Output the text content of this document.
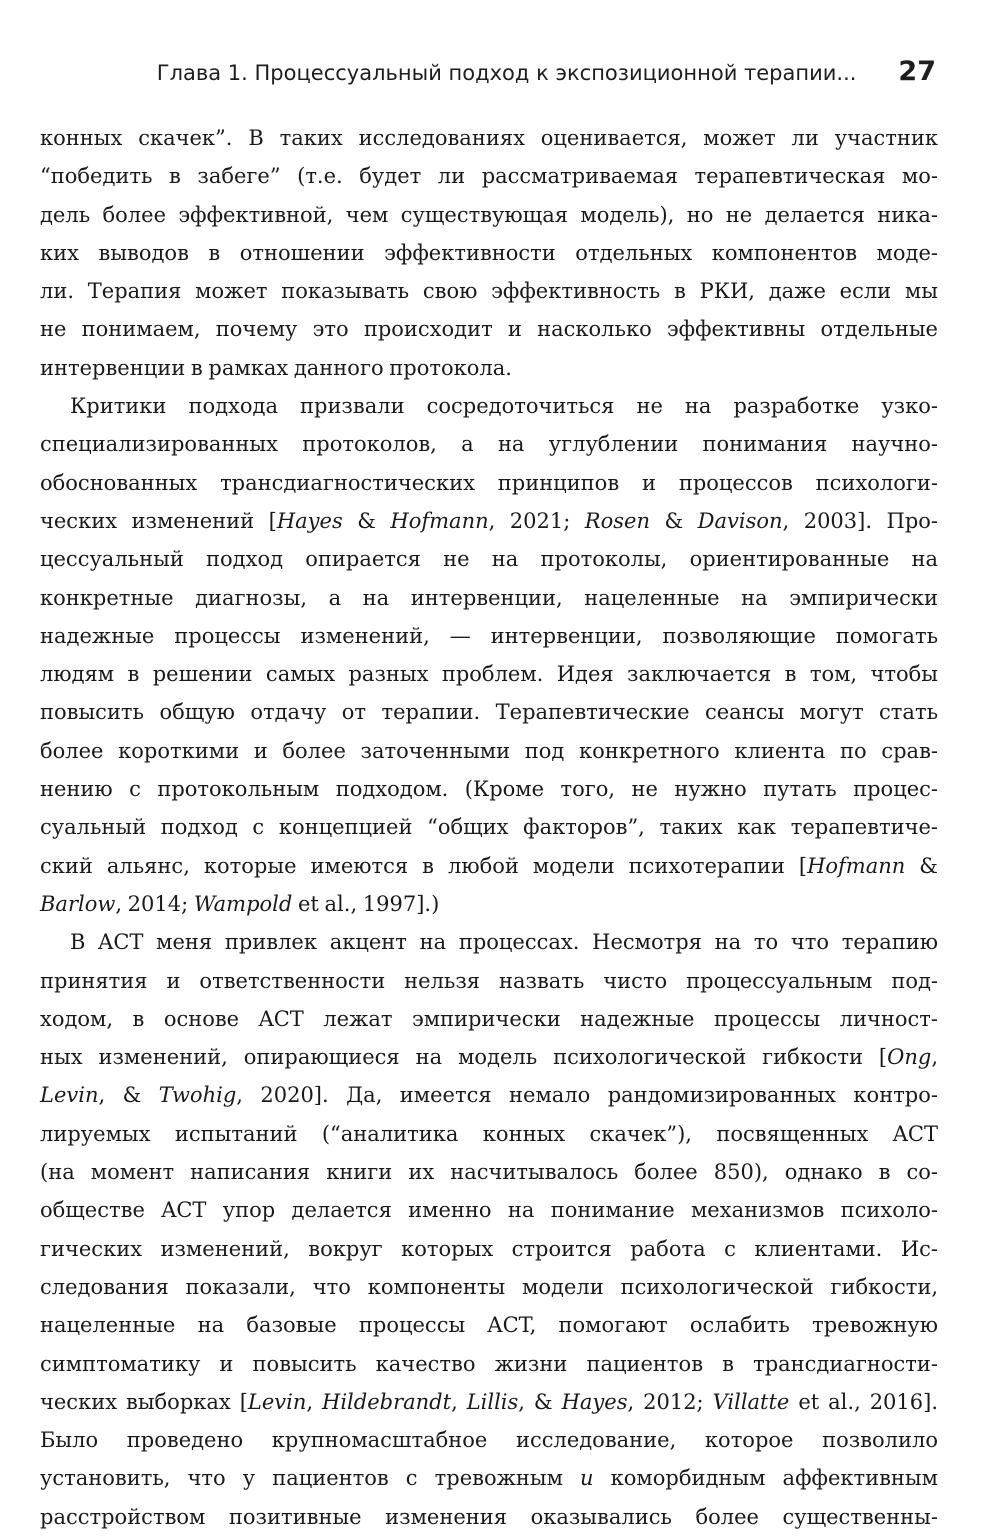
Глава 1. Процессуальный подход к экспозиционной терапии... 27
конных скачек”. В таких исследованиях оценивается, может ли участник
“победить в забеге” (т.е. будет ли рассматриваемая терапевтическая мо-
дель более эффективной, чем существующая модель), но не делается ника-
ких выводов в отношении эффективности отдельных компонентов моде-
ли. Терапия может показывать свою эффективность в РКИ, даже если мы
не понимаем, почему это происходит и насколько эффективны отдельные
интервенции в рамках данного протокола.
Критики подхода призвали сосредоточиться не на разработке узко-
специализированных протоколов, а на углублении понимания научно-
обоснованных трансдиагностических принципов и процессов психологи-
ческих изменений [Hayes & Hofmann, 2021; Rosen & Davison, 2003]. Про-
цессуальный подход опирается не на протоколы, ориентированные на
конкретные диагнозы, а на интервенции, нацеленные на эмпирически
надежные процессы изменений, — интервенции, позволяющие помогать
людям в решении самых разных проблем. Идея заключается в том, чтобы
повысить общую отдачу от терапии. Терапевтические сеансы могут стать
более короткими и более заточенными под конкретного клиента по срав-
нению с протокольным подходом. (Кроме того, не нужно путать процес-
суальный подход с концепцией “общих факторов”, таких как терапевтиче-
ский альянс, которые имеются в любой модели психотерапии [Hofmann &
Barlow, 2014; Wampold et al., 1997].)
В ACT меня привлек акцент на процессах. Несмотря на то что терапию
принятия и ответственности нельзя назвать чисто процессуальным под-
ходом, в основе ACT лежат эмпирически надежные процессы личност-
ных изменений, опирающиеся на модель психологической гибкости [Ong,
Levin, & Twohig, 2020]. Да, имеется немало рандомизированных контро-
лируемых испытаний (“аналитика конных скачек”), посвященных ACT
(на момент написания книги их насчитывалось более 850), однако в со-
обществе ACT упор делается именно на понимание механизмов психоло-
гических изменений, вокруг которых строится работа с клиентами. Ис-
следования показали, что компоненты модели психологической гибкости,
нацеленные на базовые процессы ACT, помогают ослабить тревожную
симптоматику и повысить качество жизни пациентов в трансдиагности-
ческих выборках [Levin, Hildebrandt, Lillis, & Hayes, 2012; Villatte et al., 2016].
Было проведено крупномасштабное исследование, которое позволило
установить, что у пациентов с тревожным и коморбидным аффективным
расстройством позитивные изменения оказывались более существенны-
